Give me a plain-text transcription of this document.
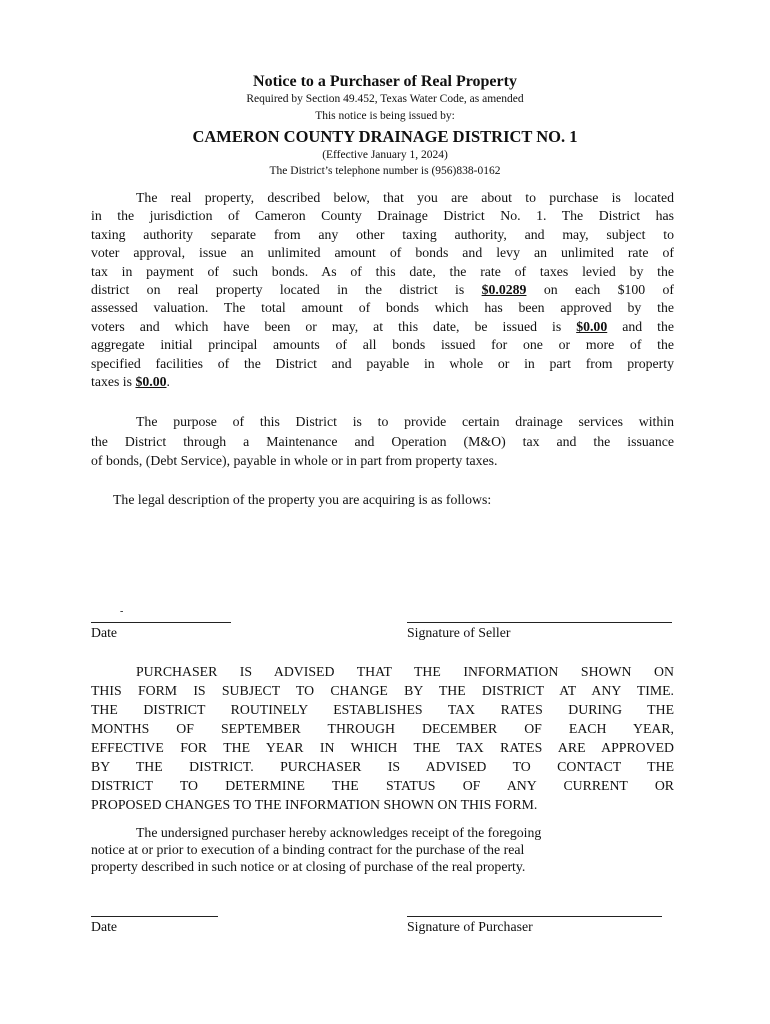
Notice to a Purchaser of Real Property
Required by Section 49.452, Texas Water Code, as amended
This notice is being issued by:
CAMERON COUNTY DRAINAGE DISTRICT NO. 1
(Effective January 1, 2024)
The District’s telephone number is (956)838-0162
The real property, described below, that you are about to purchase is located
in the jurisdiction of Cameron County Drainage District No. 1. The District has
taxing authority separate from any other taxing authority, and may, subject to
voter approval, issue an unlimited amount of bonds and levy an unlimited rate of
tax in payment of such bonds. As of this date, the rate of taxes levied by the
district on real property located in the district is $0.0289 on each $100 of
assessed valuation. The total amount of bonds which has been approved by the
voters and which have been or may, at this date, be issued is $0.00 and the
aggregate initial principal amounts of all bonds issued for one or more of the
specified facilities of the District and payable in whole or in part from property
taxes is $0.00.
The purpose of this District is to provide certain drainage services within
the District through a Maintenance and Operation (M&O) tax and the issuance
of bonds, (Debt Service), payable in whole or in part from property taxes.
The legal description of the property you are acquiring is as follows:
-
Date	Signature of Seller
PURCHASER IS ADVISED THAT THE INFORMATION SHOWN ON
THIS FORM IS SUBJECT TO CHANGE BY THE DISTRICT AT ANY TIME.
THE DISTRICT ROUTINELY ESTABLISHES TAX RATES DURING THE
MONTHS OF SEPTEMBER THROUGH DECEMBER OF EACH YEAR,
EFFECTIVE FOR THE YEAR IN WHICH THE TAX RATES ARE APPROVED
BY THE DISTRICT. PURCHASER IS ADVISED TO CONTACT THE
DISTRICT TO DETERMINE THE STATUS OF ANY CURRENT OR
PROPOSED CHANGES TO THE INFORMATION SHOWN ON THIS FORM.
The undersigned purchaser hereby acknowledges receipt of the foregoing
notice at or prior to execution of a binding contract for the purchase of the real
property described in such notice or at closing of purchase of the real property.
Date	Signature of Purchaser
